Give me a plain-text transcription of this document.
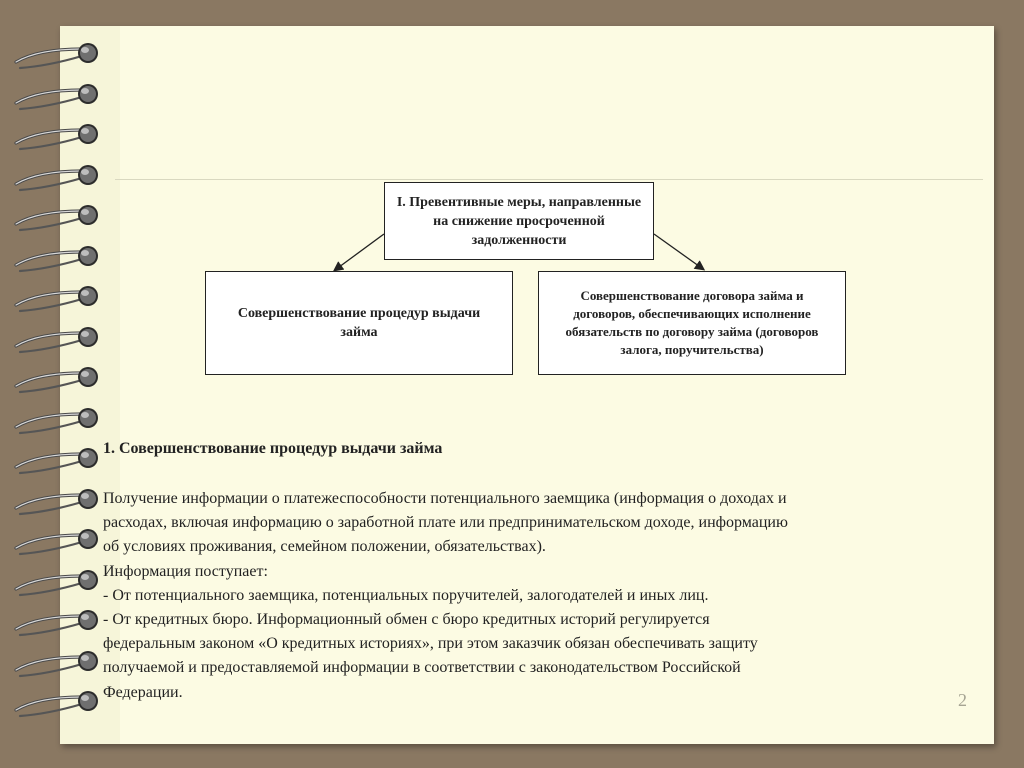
I. Превентивные меры, направленные на снижение просроченной задолженности
Совершенствование процедур выдачи займа
Совершенствование договора займа и договоров, обеспечивающих исполнение обязательств по договору займа (договоров залога, поручительства)
1. Совершенствование процедур выдачи займа
Получение информации о платежеспособности потенциального заемщика (информация о доходах и
расходах, включая информацию о заработной плате или предпринимательском доходе, информацию
об условиях проживания, семейном положении, обязательствах).
Информация поступает:
- От потенциального заемщика, потенциальных поручителей, залогодателей и иных лиц.
- От кредитных бюро. Информационный обмен с бюро кредитных историй регулируется
федеральным законом «О кредитных историях», при этом заказчик обязан обеспечивать защиту
получаемой и предоставляемой информации в соответствии с законодательством Российской
Федерации.	2
